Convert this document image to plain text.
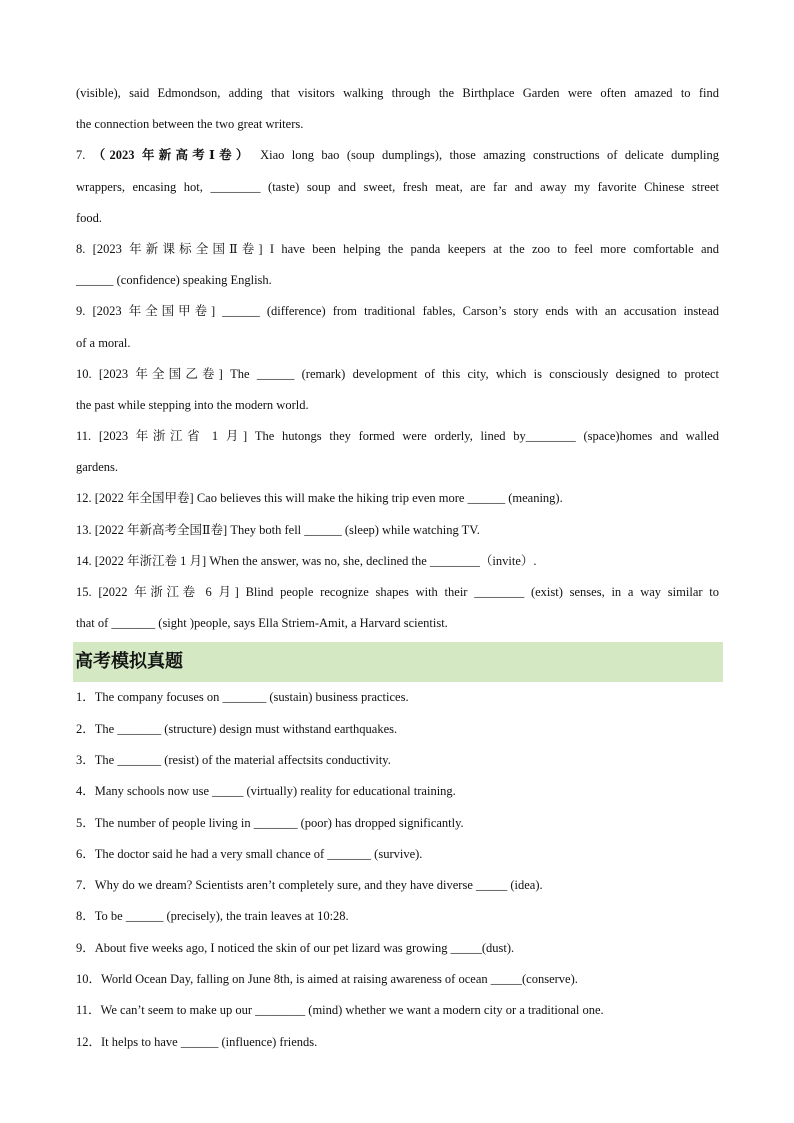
(visible), said Edmondson, adding that visitors walking through the Birthplace Garden were often amazed to find
the connection between the two great writers.
7. （2023 年新高考Ⅰ卷） Xiao long bao (soup dumplings), those amazing constructions of delicate dumpling
wrappers, encasing hot, ________ (taste) soup and sweet, fresh meat, are far and away my favorite Chinese street
food.
8. [2023 年新课标全国Ⅱ卷] I have been helping the panda keepers at the zoo to feel more comfortable and
______ (confidence) speaking English.
9. [2023 年全国甲卷] ______ (difference) from traditional fables, Carson’s story ends with an accusation instead
of a moral.
10. [2023 年全国乙卷] The ______ (remark) development of this city, which is consciously designed to protect
the past while stepping into the modern world.
11. [2023 年浙江省 1 月] The hutongs they formed were orderly, lined by________ (space)homes and walled
gardens.
12. [2022 年全国甲卷] Cao believes this will make the hiking trip even more ______ (meaning).
13. [2022 年新高考全国Ⅱ卷] They both fell ______ (sleep) while watching TV.
14. [2022 年浙江卷 1 月] When the answer, was no, she, declined the ________（invite）.
15. [2022 年浙江卷 6 月] Blind people recognize shapes with their ________ (exist) senses, in a way similar to
that of _______ (sight )people, says Ella Striem-Amit, a Harvard scientist.
高考模拟真题
1．The company focuses on _______ (sustain) business practices.
2．The _______ (structure) design must withstand earthquakes.
3．The _______ (resist) of the material affectsits conductivity.
4．Many schools now use _____ (virtually) reality for educational training.
5．The number of people living in _______ (poor) has dropped significantly.
6．The doctor said he had a very small chance of _______ (survive).
7．Why do we dream? Scientists aren’t completely sure, and they have diverse _____ (idea).
8．To be ______ (precisely), the train leaves at 10:28.
9．About five weeks ago, I noticed the skin of our pet lizard was growing _____(dust).
10．World Ocean Day, falling on June 8th, is aimed at raising awareness of ocean _____(conserve).
11．We can’t seem to make up our ________ (mind) whether we want a modern city or a traditional one.
12．It helps to have ______ (influence) friends.
